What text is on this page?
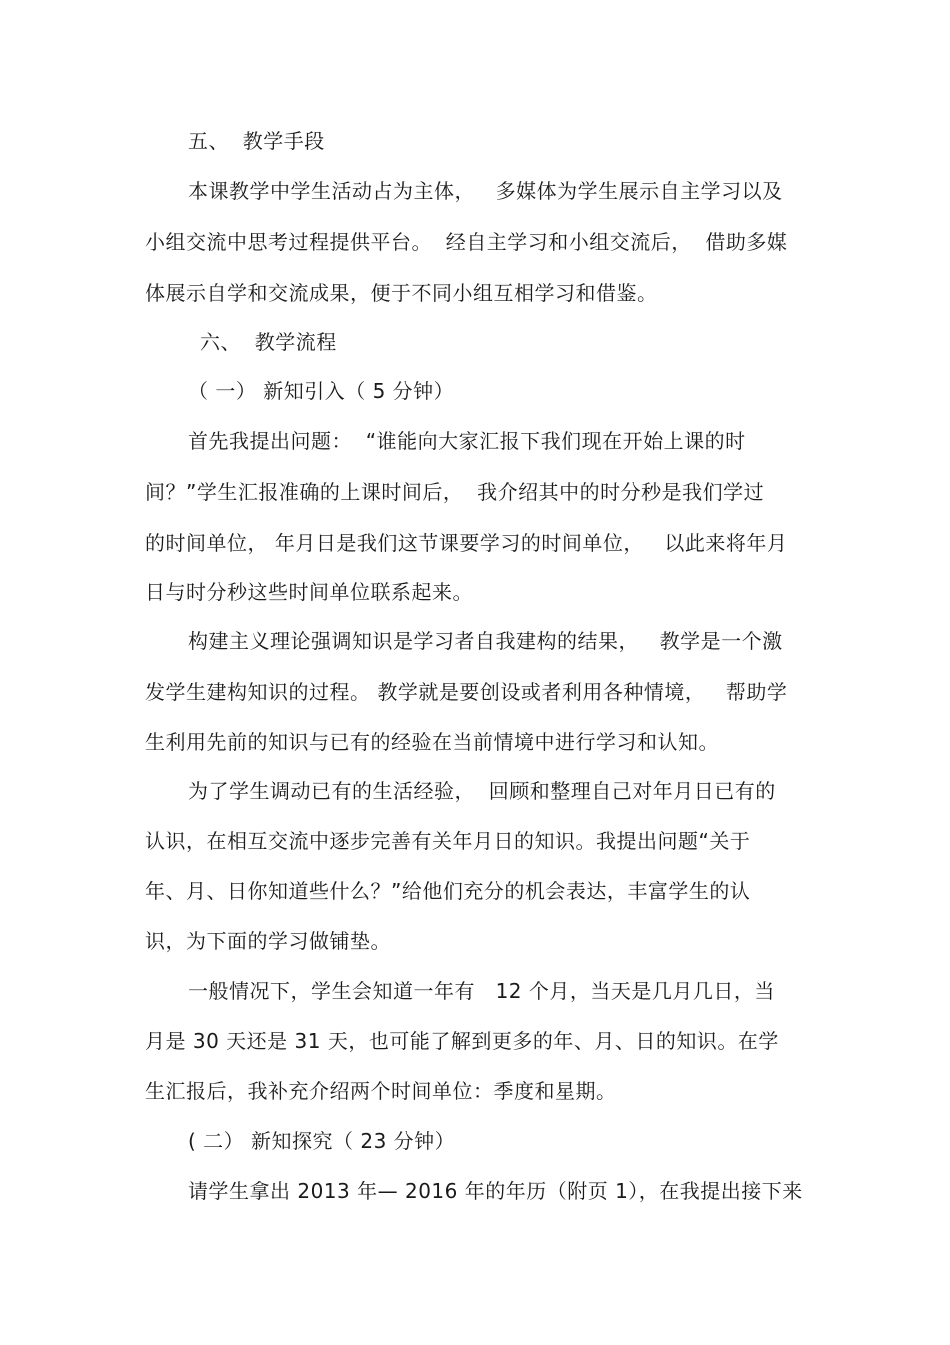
五、  教学手段
本课教学中学生活动占为主体，   多媒体为学生展示自主学习以及
小组交流中思考过程提供平台。  经自主学习和小组交流后，  借助多媒
体展示自学和交流成果，便于不同小组互相学习和借鉴。
六、  教学流程
（ 一） 新知引入（ 5 分钟）
首先我提出问题：  “谁能向大家汇报下我们现在开始上课的时
间？”学生汇报准确的上课时间后，  我介绍其中的时分秒是我们学过
的时间单位， 年月日是我们这节课要学习的时间单位，   以此来将年月
日与时分秒这些时间单位联系起来。
构建主义理论强调知识是学习者自我建构的结果，   教学是一个激
发学生建构知识的过程。 教学就是要创设或者利用各种情境，   帮助学
生利用先前的知识与已有的经验在当前情境中进行学习和认知。
为了学生调动已有的生活经验，  回顾和整理自己对年月日已有的
认识，在相互交流中逐步完善有关年月日的知识。我提出问题“关于
年、月、日你知道些什么？”给他们充分的机会表达，丰富学生的认
识，为下面的学习做铺垫。
一般情况下，学生会知道一年有   12 个月，当天是几月几日，当
月是 30 天还是 31 天，也可能了解到更多的年、月、日的知识。在学
生汇报后，我补充介绍两个时间单位：季度和星期。
( 二） 新知探究（ 23 分钟）
请学生拿出 2013 年— 2016 年的年历（附页 1），在我提出接下来
